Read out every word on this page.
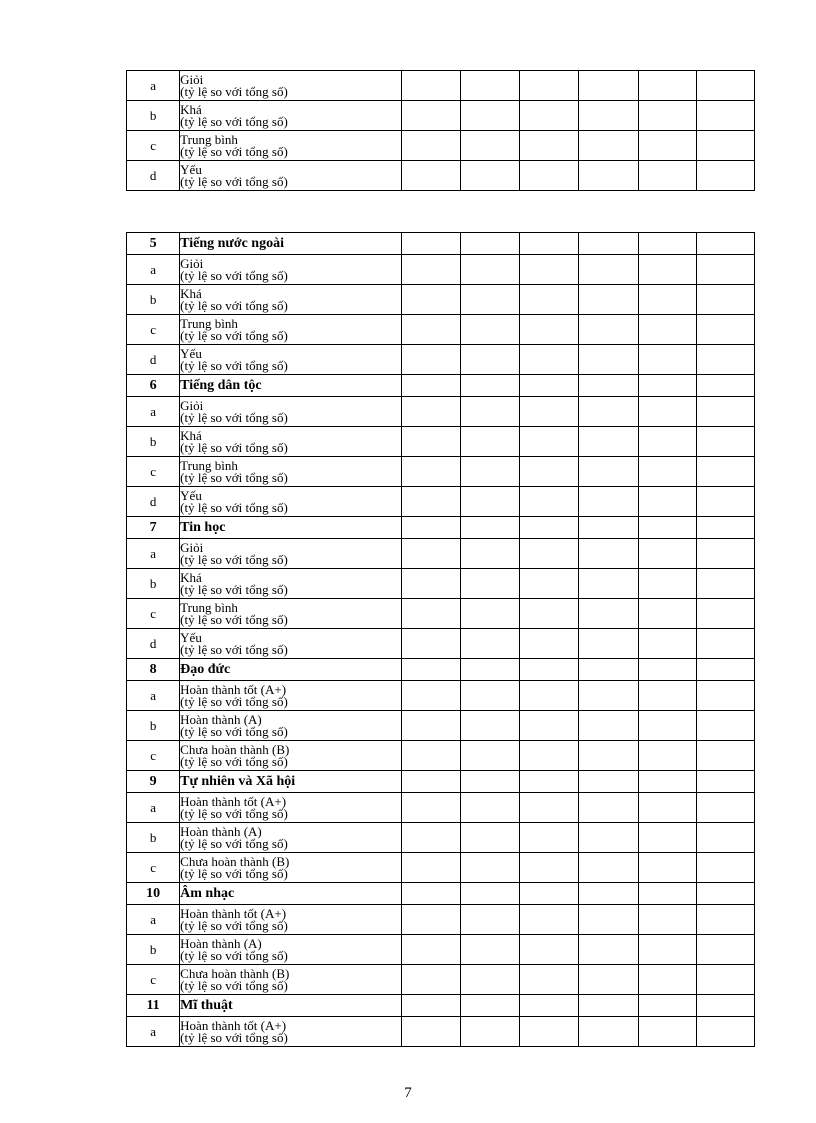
a	Giỏi
(tỷ lệ so với tổng số)						

b	Khá
(tỷ lệ so với tổng số)						

c	Trung bình
(tỷ lệ so với tổng số)						

d	Yếu
(tỷ lệ so với tổng số)						

5	Tiếng nước ngoài						
a	Giỏi
(tỷ lệ so với tổng số)						

b	Khá
(tỷ lệ so với tổng số)						

c	Trung bình
(tỷ lệ so với tổng số)						

d	Yếu
(tỷ lệ so với tổng số)						

6	Tiếng dân tộc						
a	Giỏi
(tỷ lệ so với tổng số)						

b	Khá
(tỷ lệ so với tổng số)						

c	Trung bình
(tỷ lệ so với tổng số)						

d	Yếu
(tỷ lệ so với tổng số)						

7	Tin học						
a	Giỏi
(tỷ lệ so với tổng số)						

b	Khá
(tỷ lệ so với tổng số)						

c	Trung bình
(tỷ lệ so với tổng số)						

d	Yếu
(tỷ lệ so với tổng số)						

8	Đạo đức						
a	Hoàn thành tốt (A+)
(tỷ lệ so với tổng số)						

b	Hoàn thành (A)
(tỷ lệ so với tổng số)						

c	Chưa hoàn thành (B)
(tỷ lệ so với tổng số)						

9	Tự nhiên và Xã hội						
a	Hoàn thành tốt (A+)
(tỷ lệ so với tổng số)						

b	Hoàn thành (A)
(tỷ lệ so với tổng số)						

c	Chưa hoàn thành (B)
(tỷ lệ so với tổng số)						

10	Âm nhạc						
a	Hoàn thành tốt (A+)
(tỷ lệ so với tổng số)						

b	Hoàn thành (A)
(tỷ lệ so với tổng số)						

c	Chưa hoàn thành (B)
(tỷ lệ so với tổng số)						

11	Mĩ thuật						
a	Hoàn thành tốt (A+)
(tỷ lệ so với tổng số)						

7
